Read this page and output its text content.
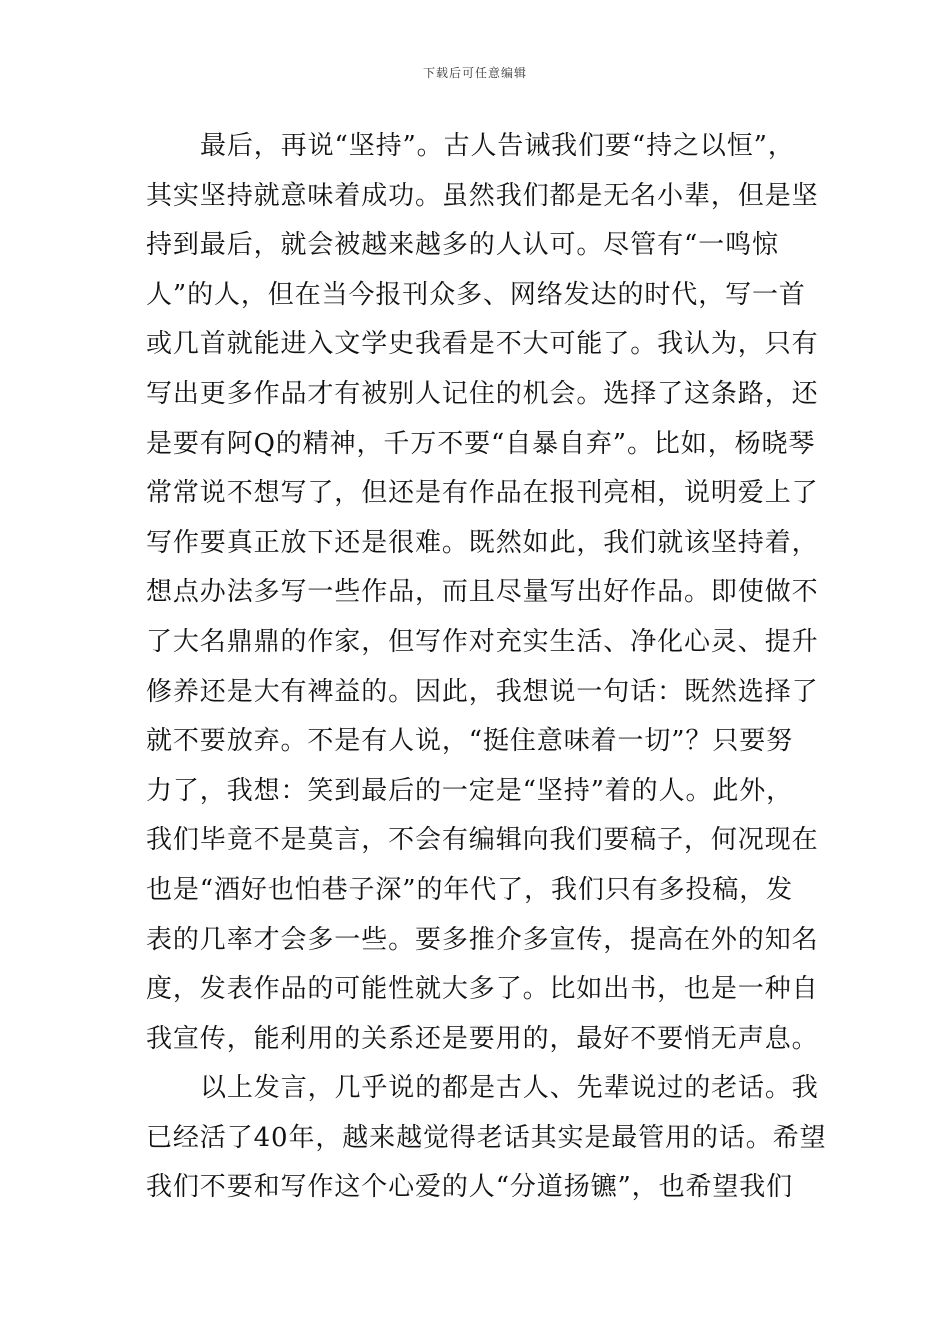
下载后可任意编辑
最后，再说“坚持”。古人告诫我们要“持之以恒”，
其实坚持就意味着成功。虽然我们都是无名小辈，但是坚
持到最后，就会被越来越多的人认可。尽管有“一鸣惊
人”的人，但在当今报刊众多、网络发达的时代，写一首
或几首就能进入文学史我看是不大可能了。我认为，只有
写出更多作品才有被别人记住的机会。选择了这条路，还
是要有阿Q的精神，千万不要“自暴自弃”。比如，杨晓琴
常常说不想写了，但还是有作品在报刊亮相，说明爱上了
写作要真正放下还是很难。既然如此，我们就该坚持着，
想点办法多写一些作品，而且尽量写出好作品。即使做不
了大名鼎鼎的作家，但写作对充实生活、净化心灵、提升
修养还是大有裨益的。因此，我想说一句话：既然选择了
就不要放弃。不是有人说，“挺住意味着一切”？只要努
力了，我想：笑到最后的一定是“坚持”着的人。此外，
我们毕竟不是莫言，不会有编辑向我们要稿子，何况现在
也是“酒好也怕巷子深”的年代了，我们只有多投稿，发
表的几率才会多一些。要多推介多宣传，提高在外的知名
度，发表作品的可能性就大多了。比如出书，也是一种自
我宣传，能利用的关系还是要用的，最好不要悄无声息。
以上发言，几乎说的都是古人、先辈说过的老话。我
已经活了40年，越来越觉得老话其实是最管用的话。希望
我们不要和写作这个心爱的人“分道扬镳”，也希望我们
